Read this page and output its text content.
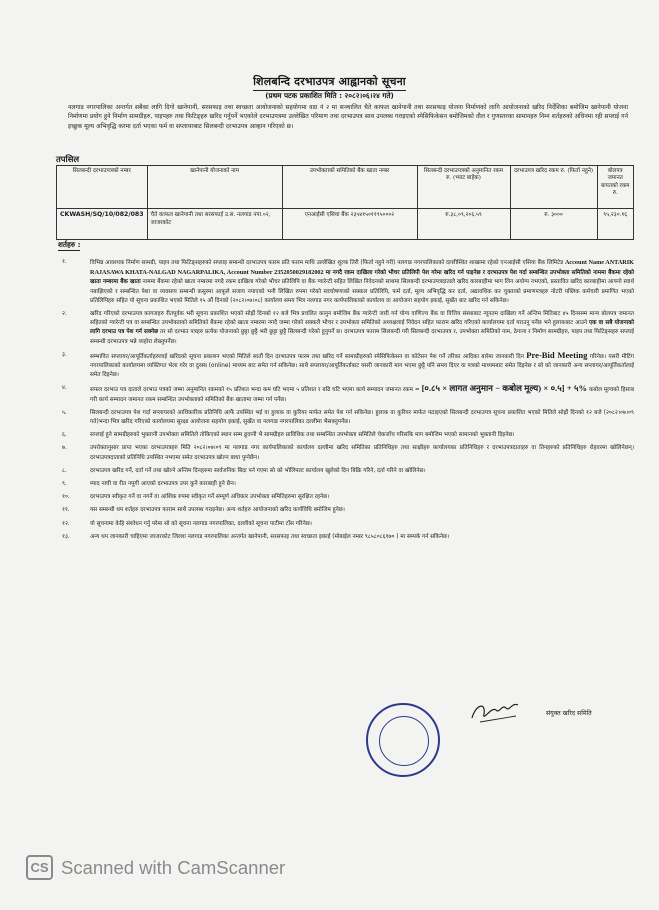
शिलबन्दि दरभाउपत्र आह्वानको सूचना
(प्रथम पटक प्रकाशित मिति : २०८२।०६।२४ गते)
नलगाड नगरपालिका अन्तर्गत सबैका लागि दिगो खानेपानी, सरसफाइ तथा स्वच्छता आयोजनाको सहयोगमा वडा नं २ मा सञ्चालित चैते काफल खानेपानी तथा सरसफाइ योजना निर्माणको लागि आयोजनाको खरिद निर्देशिका बमोजिम खानेपानी योजना निर्माणमा प्रयोग हुने निर्माण सामग्रीहरु, पाइपहरु तथा फिटिङ्हरु खरिद गर्नुपर्ने भएकोले दरभाउपत्रमा उल्लेखित परिमाण तथा दरभाउपत्र साथ उपलब्ध गराइएको स्पेसिफिकेसन बमोजिमको तौल र गुणस्तरका सामानहरु निम्न शर्तहरुको अधिनमा रही सप्लाई गर्न इच्छुक मूल्य अभिवृद्धि करमा दर्ता भएका फर्म वा सप्लायरबाट सिलबन्दी दरभाउपत्र आव्हान गरिएको छ।
तपसिल
सिलबन्दी दरभाउपत्रको नम्बर	खानेपानी योजनाको नाम	उपभोक्ताको समितिको बैंक खाता नम्बर	सिलबन्दी दरभाउपत्रको अनुमानित रकम रु. (भ्याट बाहेक)	दरभाउपत्र खरिद रकम रु. (फिर्ता नहुने)	बोलपत्र जमानत बापतको रकम रु.
CKWASH/SQ/10/082/083	चैते काफल खानेपानी तथा सरसफाई उ.स. नलगाड नपा.०२, जाजरकोट	एनआईसी एसिया बैंक २३५४१५०११९५०००२	रु.३८,०९,२०६.५९	रु. ३०००	९५,२३०.१६
शर्तहरु :
१.	विभिन्न आवश्यक निर्माण सामग्री, पाइप तथा फिटिङ्सहरुको सप्लाइ सम्बन्धी दरभाउपत्र फारम प्रति फारम माथि उल्लेखित शुल्क तिरी (फिर्ता नहुने गरी) नलगाड नगरपालिकाको दल्लीस्थित शाखामा रहेको एनआईसी एसिया बैंक लिमिटेड Account Name ANTARIK RAJASAWA KHATA-NALGAD NAGARPALIKA, Account Number 2352050029182002 मा नगदै रकम दाखिला गरेको भौचर प्रतिलिपी पेश गरेमा खरिद गर्न पाइनेछ र दरभाउपत्र पेश गर्दा सम्बन्धित उपभोक्ता समितिको नाममा बैंकमा रहेको खाता नम्बरमा बैंक खाता नाममा बैंकमा रहेको खाता नम्बरमा नगदै रकम दाखिला गरेको भौचर प्रतिलिपि वा बैंक ग्यारेन्टी सहित लिखित निवेदनको साथमा सिलबन्दी दरभाउपत्रदाताले खरिद कारबाहीमा भाग लिन अयोग्य नभएको, प्रस्तावित खरिद कारबाहीमा आफ्नो स्वार्थ नबाझिएको र सम्बन्धित पेशा वा व्यवसाय सम्बन्धी कसुरमा आफूले सजाय नपाएको भनी लिखित रुपमा गरेको स्वःघोषणाको सक्कल प्रतिलिपि, फर्म दर्ता, मूल्य अभिवृद्धि कर दर्ता, अद्यावधिक कर चुक्ताको प्रमाणपत्रहरु नोटरी पब्लिक कर्मचारी प्रमाणित भएको प्रतिलिपिहरु सहित यो सूचना प्रकाशित भएको मितिले १५ औं दिनको (२०८२।०७।०८) कार्यालय समय भित्र नलगाड नगर कार्यपालिकाको कार्यालय वा आयोजना सहयोग इकाई, सुर्खेत बाट खरिद गर्न सकिनेछ।
२.	खरिद गरिएको दरभाउपत्र कागजहरु रीतपूर्वक भरी सूचना प्रकाशित भएको सोह्रौं दिनको १२ बजे भित्र प्रचलित कानुन बमोजिम बैंक ग्यारेन्टी जारी गर्न योग्य वाणिज्य बैंक वा वित्तिय संस्थाबाट न्यूनतम दाखिला गर्ने अन्तिम मितिबाट ४५ दिनसम्म मान्य बोलपत्र जमानत सहितको ग्यारेन्टी पत्र वा सम्बन्धित उपभोक्ताको समितिको बैंकमा रहेको खाता नम्बरमा नगदै जम्मा गरेको सक्कलै भौचर र उपभोक्ता समितिको अध्यक्षलाई निवेदन सहित फाराम खरिद गरिएको कार्यालयमा दर्ता गराउनु पर्नेछ भने हुलाकबाट आउने एक वा सबै योजनाको लागि दरभाउ पत्र पेश गर्न सक्नेछ तर सो दरभाउ पत्रहरु प्रत्येक योजनाको छुट्टा छुट्टै भरी छुट्टा छुट्टै सिलबन्दी गरेको हुनुपर्ने छ। दरभाउपत्र फाराम सिलबन्दी गरी सिलबन्दी दरभाउपत्र र, उपभोक्ता समितिको नाम, ठेगाना र निर्माण सामग्रीहरु, पाइप तथा फिटिङ्सहरु सप्लाई सम्बन्धी दरभाउपत्र भन्ने व्यहोरा लेख्नुपर्नेछ।
३.	सम्भावित सप्लायर/आपूर्तिकर्ताहरुलाई खरिदको सूचना प्रकाशन भएको मितिले सातौं दिन दरभाउपत्र फारम तथा खरिद गर्ने सामाग्रीहरुको स्पेसिफिकेसन वा कोटेसन पेश गर्ने तरिका आदिका बारेमा जानकारी दिन Pre-Bid Meeting गरिनेछ। यसरी मीटिंग नगरपालिकाको कार्यालयमा व्यक्तिगत भेला गरेर वा दुरस्थ (online) माध्यम बाट समेत गर्न सकिनेछ। साथै सप्लायर/आपूर्तिकर्ताबाट यसरी जानकारी माग भएमा छुट्टै पनि समय दिएर वा पत्रको माध्यमबाट समेत दिइनेछ र सो को जानकारी अन्य सप्लायर/आपूर्तिकर्तालाई समेत दिइनेछ।
४.	सफल दरभाउ पत्र दाताले दरभाउ पत्रको जम्मा अनुमानित रकमको १५ प्रतिशत भन्दा कम घटि भएमा ५ प्रतिशत र बढि घटि भएमा कार्य सम्पादन जमानत रकम = [०.८५ × लागत अनुमान − कबोल मूल्य) × ०.५] + ५% कबोल मूल्यको हिसाब गरी कार्य सम्पादन जमानत रकम सम्बन्धित उपभोक्ताको समितिको बैंक खातामा जम्मा गर्न पर्नेछ।
५.	सिलबन्दी दरभाउपत्र पेश गर्दा सप्लायरको आधिकारिक प्रतिनिधि आफैं उपस्थित भई वा हुलाक वा कुरियर मार्फत समेत पेश गर्न सकिनेछ। हुलाक वा कुरियर मार्फत पठाइएको सिलबन्दी दरभाउपत्र सूचना प्रकाशित भएको मितिले सोह्रौं दिनको १२ बजे (२०८२।०७।०९ गते)भन्दा भित्र खरिद गरिएको कार्यालयमा सुरक्षा आयोजना सहयोग इकाई, सुर्खेत वा नलगाड नगरपालिका दल्लीमा भैसक्नुपर्नेछ।
६.	सप्लाई हुने सामग्रीहरुको भुक्तानी उपभोक्ता समितिले तोकिएको स्थान सम्म ढुवानी भै सामग्रीहरु प्राविधिक तथा सम्बन्धित उपभोक्ता समितिले चेकजाँच गरिसकि माग बमोजिम भएको सामानको भुक्तानी दिइनेछ।
७.	उपरोक्तानुसार प्राप्त भएका दरभाउपत्रहरु मिति २०८२।०७।०९ मा नलगाड नगर कार्यपालिकाको कार्यालय दल्लीमा खरिद समितिका प्रतिनिधिहरु तथा साक्षीहरु कार्यालयका प्रतिनिधिहरु र दरभाउपत्रदाताहरु वा तिनहरुको प्रतिनिधिहरु रोहवरमा खोलिनेछन्। दरभाउपत्रदाताको प्रतिनिधि उपस्थित नभएमा समेत दरभाउपत्र खोल्न बाधा पुग्नेछैन।
८.	दरभाउपत्र खरिद गर्ने, दर्ता गर्ने तथा खोल्ने अन्तिम दिनहरुमा सार्वजनिक बिदा पर्न गएमा सो को भोलिपल्ट कार्यालय खुलेको दिन बिक्रि गरिने, दर्ता गरिने वा खोलिनेछ।
९.	म्याद नाघी वा रीत नपुगी आएको दरभाउपत्र उपर कुनै कारबाही हुने छैन।
१०.	दरभाउपत्र स्वीकृत गर्ने वा नगर्ने वा आंशिक रुपमा स्वीकृत गर्ने सम्पूर्ण अधिकार उपभोक्ता समितिहरुमा सुरक्षित रहनेछ।
११.	यस सम्बन्धी थप शर्तहरु दरभाउपत्र फाराम साथै उपलब्ध गराइनेछ। अन्य शर्तहरु आयोजनाको खरिद कार्यविधि बमोजिम हुनेछ।
१२.	यो सूचनामा केहि संशोधन गर्नु परेमा सो को सूचना नलगाड नगरपालिका, दल्लीको सूचना पाटीमा टाँस गरिनेछ।
१३.	अन्य थप जानकारी चाहिएमा जाजरकोट जिल्ला नलगाड नगरपालिका अन्तर्गत खानेपानी, सरसफाइ तथा स्वच्छता इकाई (मोबाईल नम्बर ९८५८०८६१७० ) मा सम्पर्क गर्न सकिनेछ।
संयुक्त खरिद समिति
CS Scanned with CamScanner
